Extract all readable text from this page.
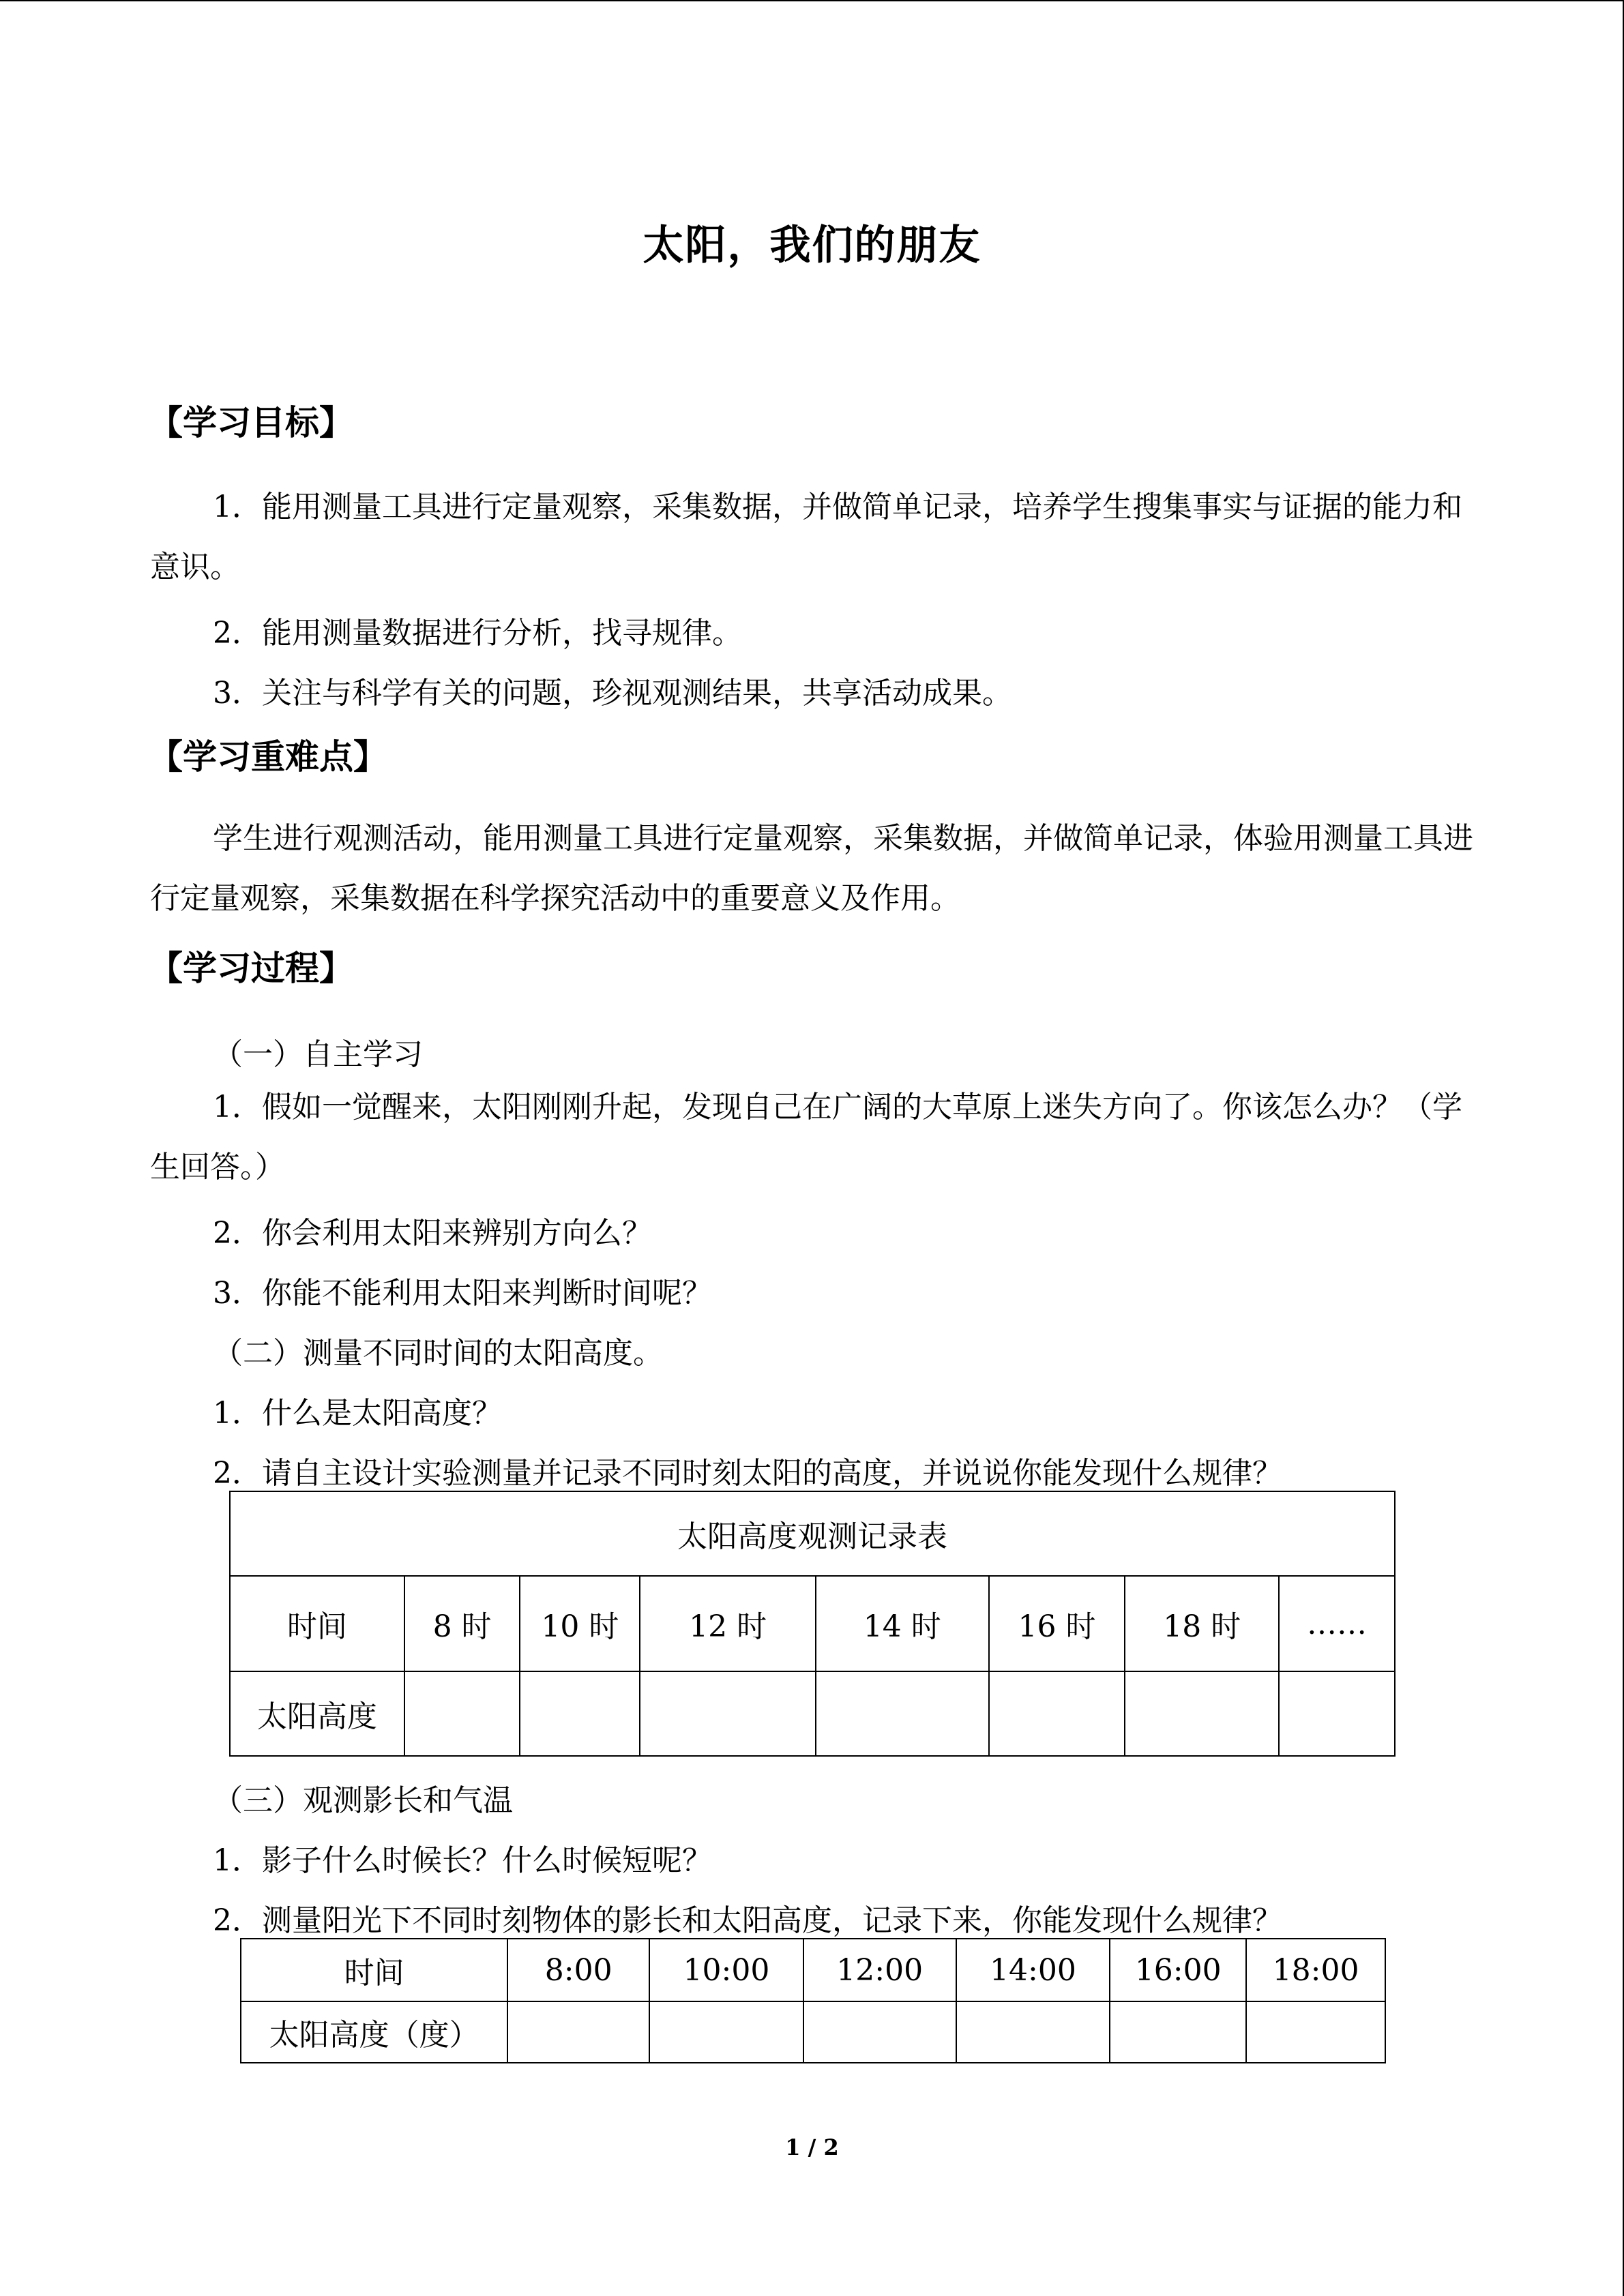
太阳，我们的朋友
【学习目标】
1．能用测量工具进行定量观察，采集数据，并做简单记录，培养学生搜集事实与证据的能力和意识。
2．能用测量数据进行分析，找寻规律。
3．关注与科学有关的问题，珍视观测结果，共享活动成果。
【学习重难点】
学生进行观测活动，能用测量工具进行定量观察，采集数据，并做简单记录，体验用测量工具进行定量观察，采集数据在科学探究活动中的重要意义及作用。
【学习过程】
（一）自主学习
1．假如一觉醒来，太阳刚刚升起，发现自己在广阔的大草原上迷失方向了。你该怎么办？（学生回答。）
2．你会利用太阳来辨别方向么？
3．你能不能利用太阳来判断时间呢？
（二）测量不同时间的太阳高度。
1．什么是太阳高度？
2．请自主设计实验测量并记录不同时刻太阳的高度，并说说你能发现什么规律？
太阳高度观测记录表							
时间	8 时	10 时	12 时	14 时	16 时	18 时	……
太阳高度							
（三）观测影长和气温
1．影子什么时候长？什么时候短呢？
2．测量阳光下不同时刻物体的影长和太阳高度，记录下来，你能发现什么规律？
时间	8:00	10:00	12:00	14:00	16:00	18:00
太阳高度（度）						
1 / 2
